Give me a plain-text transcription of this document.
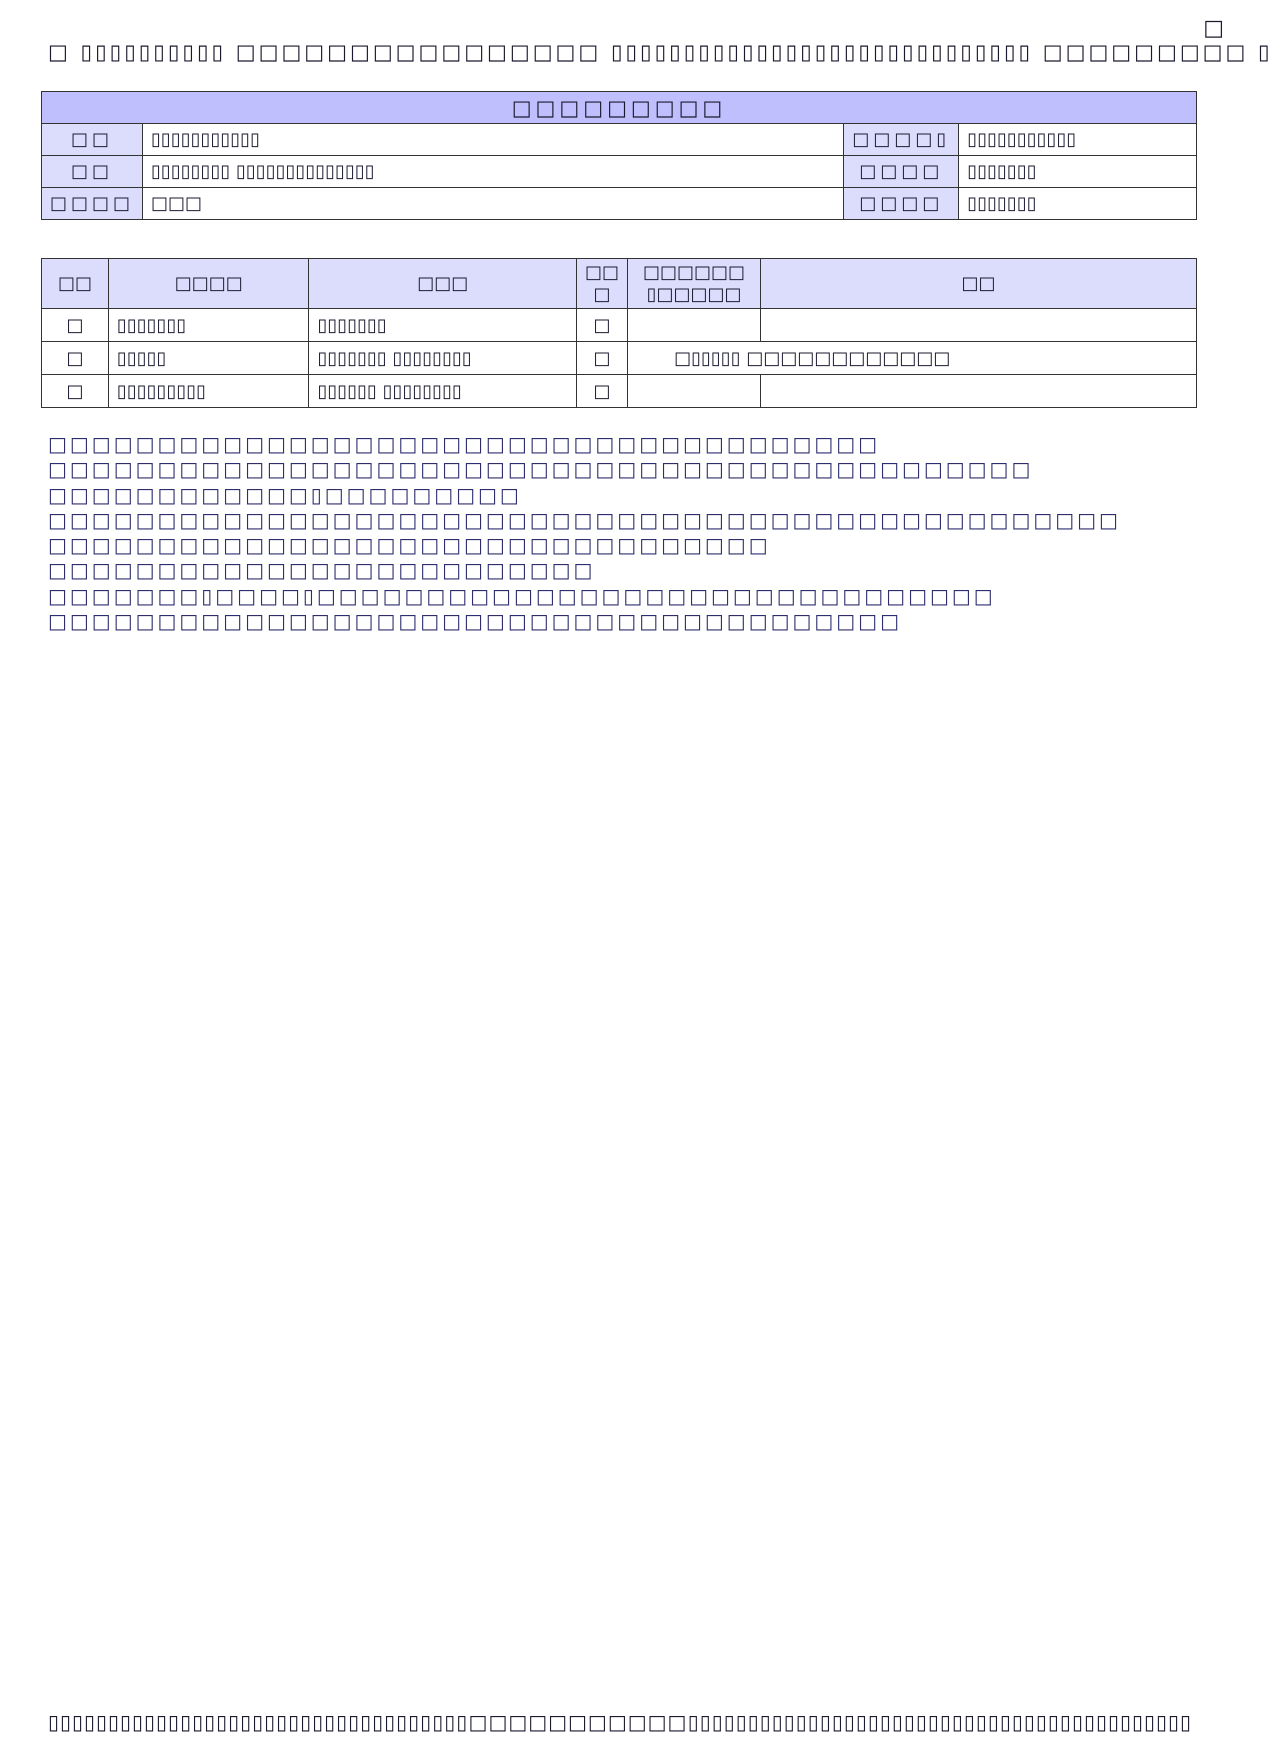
□
□ ▯▯▯▯▯▯▯▯▯▯ □□□□□□□□□□□□□□□□ ▯▯▯▯▯▯▯▯▯▯▯▯▯▯▯▯▯▯▯▯▯▯▯▯▯▯▯▯▯ □□□□□□□□□ ▯
□□□□□□□□□			
□□	▯▯▯▯▯▯▯▯▯▯▯	□□□□▯	▯▯▯▯▯▯▯▯▯▯▯
□□	▯▯▯▯▯▯▯▯ ▯▯▯▯▯▯▯▯▯▯▯▯▯▯	□□□□	▯▯▯▯▯▯▯
□□□□	□□□	□□□□	▯▯▯▯▯▯▯
□□	□□□□	□□□	□□ □	□□□□□□ ▯□□□□□	□□
□	▯▯▯▯▯▯▯	▯▯▯▯▯▯▯	□		
□	▯▯▯▯▯	▯▯▯▯▯▯▯ ▯▯▯▯▯▯▯▯	□	□▯▯▯▯▯ □□□□□□□□□□□□	
□	▯▯▯▯▯▯▯▯▯	▯▯▯▯▯▯ ▯▯▯▯▯▯▯▯	□		
□□□□□□□□□□□□□□□□□□□□□□□□□□□□□□□□□□□□□□
□□□□□□□□□□□□□□□□□□□□□□□□□□□□□□□□□□□□□□□□□□□□□
□□□□□□□□□□□□▯□□□□□□□□□
□□□□□□□□□□□□□□□□□□□□□□□□□□□□□□□□□□□□□□□□□□□□□□□□□
□□□□□□□□□□□□□□□□□□□□□□□□□□□□□□□□□
□□□□□□□□□□□□□□□□□□□□□□□□□
□□□□□□□▯□□□□▯□□□□□□□□□□□□□□□□□□□□□□□□□□□□□□□
□□□□□□□□□□□□□□□□□□□□□□□□□□□□□□□□□□□□□□□
▯▯▯▯▯▯▯▯▯▯▯▯▯▯▯▯▯▯▯▯▯▯▯▯▯▯▯▯▯▯▯▯▯▯▯ □□□□□□□□□□□ ▯▯▯▯▯▯▯▯▯▯▯▯▯▯▯▯▯▯▯▯▯▯▯▯▯▯▯▯▯▯▯▯▯▯▯▯▯▯▯▯▯▯
